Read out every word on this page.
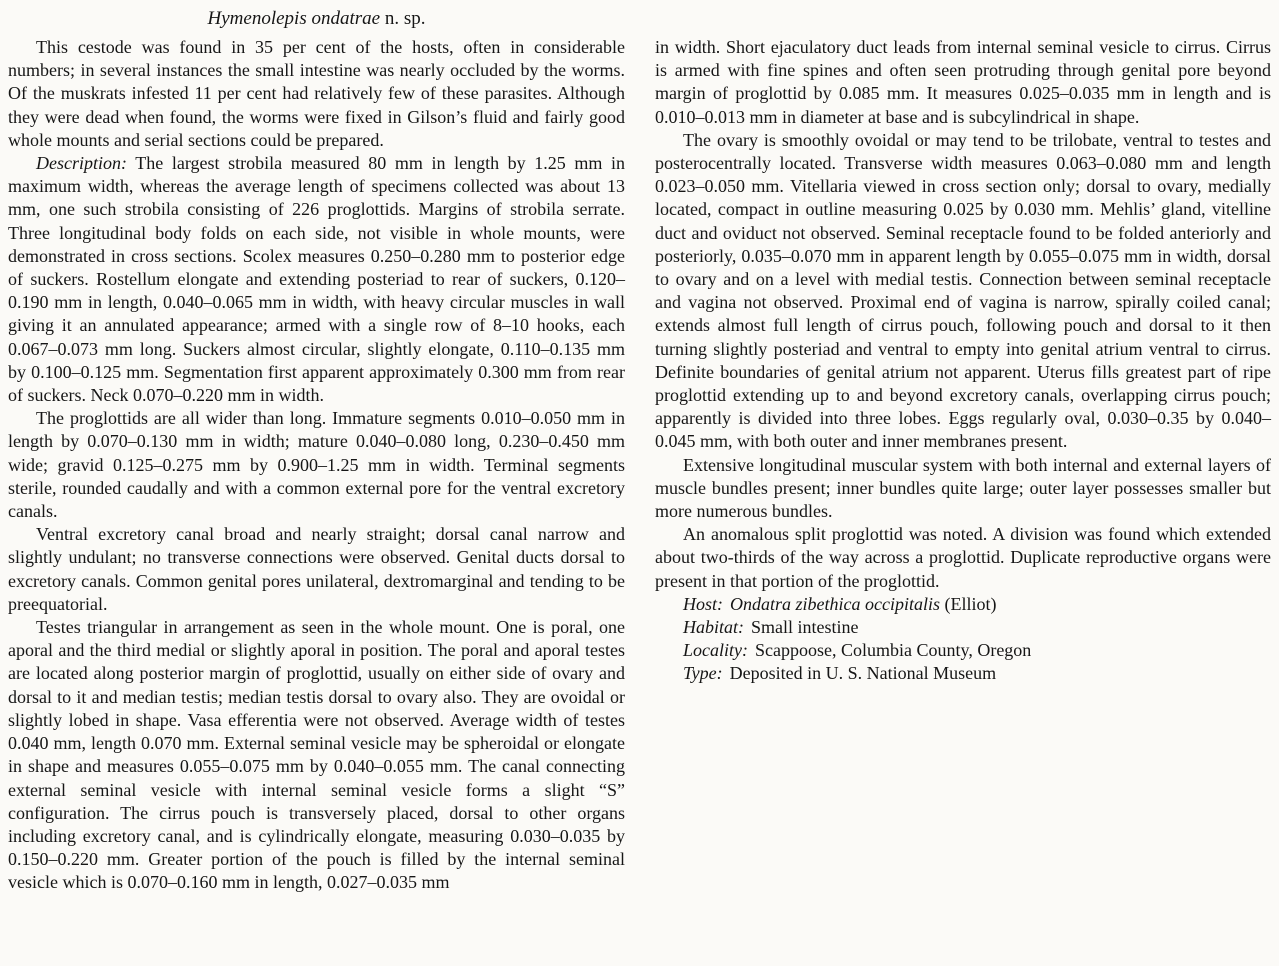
Hymenolepis ondatrae n. sp.

This cestode was found in 35 per cent of the hosts, often in considerable numbers; in several instances the small intestine was nearly occluded by the worms. Of the muskrats infested 11 per cent had relatively few of these parasites. Although they were dead when found, the worms were fixed in Gilson’s fluid and fairly good whole mounts and serial sections could be prepared.

Description: The largest strobila measured 80 mm in length by 1.25 mm in maximum width, whereas the average length of specimens collected was about 13 mm, one such strobila consisting of 226 proglottids. Margins of strobila serrate. Three longitudinal body folds on each side, not visible in whole mounts, were demonstrated in cross sections. Scolex measures 0.250–0.280 mm to posterior edge of suckers. Rostellum elongate and extending posteriad to rear of suckers, 0.120–0.190 mm in length, 0.040–0.065 mm in width, with heavy circular muscles in wall giving it an annulated appearance; armed with a single row of 8–10 hooks, each 0.067–0.073 mm long. Suckers almost circular, slightly elongate, 0.110–0.135 mm by 0.100–0.125 mm. Segmentation first apparent approximately 0.300 mm from rear of suckers. Neck 0.070–0.220 mm in width.

The proglottids are all wider than long. Immature segments 0.010–0.050 mm in length by 0.070–0.130 mm in width; mature 0.040–0.080 long, 0.230–0.450 mm wide; gravid 0.125–0.275 mm by 0.900–1.25 mm in width. Terminal segments sterile, rounded caudally and with a common external pore for the ventral excretory canals.

Ventral excretory canal broad and nearly straight; dorsal canal narrow and slightly undulant; no transverse connections were observed. Genital ducts dorsal to excretory canals. Common genital pores unilateral, dextromarginal and tending to be preequatorial.

Testes triangular in arrangement as seen in the whole mount. One is poral, one aporal and the third medial or slightly aporal in position. The poral and aporal testes are located along posterior margin of proglottid, usually on either side of ovary and dorsal to it and median testis; median testis dorsal to ovary also. They are ovoidal or slightly lobed in shape. Vasa efferentia were not observed. Average width of testes 0.040 mm, length 0.070 mm. External seminal vesicle may be spheroidal or elongate in shape and measures 0.055–0.075 mm by 0.040–0.055 mm. The canal connecting external seminal vesicle with internal seminal vesicle forms a slight “S” configuration. The cirrus pouch is transversely placed, dorsal to other organs including excretory canal, and is cylindrically elongate, measuring 0.030–0.035 by 0.150–0.220 mm. Greater portion of the pouch is filled by the internal seminal vesicle which is 0.070–0.160 mm in length, 0.027–0.035 mm

in width. Short ejaculatory duct leads from internal seminal vesicle to cirrus. Cirrus is armed with fine spines and often seen protruding through genital pore beyond margin of proglottid by 0.085 mm. It measures 0.025–0.035 mm in length and is 0.010–0.013 mm in diameter at base and is subcylindrical in shape.

The ovary is smoothly ovoidal or may tend to be trilobate, ventral to testes and posterocentrally located. Transverse width measures 0.063–0.080 mm and length 0.023–0.050 mm. Vitellaria viewed in cross section only; dorsal to ovary, medially located, compact in outline measuring 0.025 by 0.030 mm. Mehlis’ gland, vitelline duct and oviduct not observed. Seminal receptacle found to be folded anteriorly and posteriorly, 0.035–0.070 mm in apparent length by 0.055–0.075 mm in width, dorsal to ovary and on a level with medial testis. Connection between seminal receptacle and vagina not observed. Proximal end of vagina is narrow, spirally coiled canal; extends almost full length of cirrus pouch, following pouch and dorsal to it then turning slightly posteriad and ventral to empty into genital atrium ventral to cirrus. Definite boundaries of genital atrium not apparent. Uterus fills greatest part of ripe proglottid extending up to and beyond excretory canals, overlapping cirrus pouch; apparently is divided into three lobes. Eggs regularly oval, 0.030–0.35 by 0.040–0.045 mm, with both outer and inner membranes present.

Extensive longitudinal muscular system with both internal and external layers of muscle bundles present; inner bundles quite large; outer layer possesses smaller but more numerous bundles.

An anomalous split proglottid was noted. A division was found which extended about two-thirds of the way across a proglottid. Duplicate reproductive organs were present in that portion of the proglottid.

Host: Ondatra zibethica occipitalis (Elliot)
Habitat: Small intestine
Locality: Scappoose, Columbia County, Oregon
Type: Deposited in U. S. National Museum
